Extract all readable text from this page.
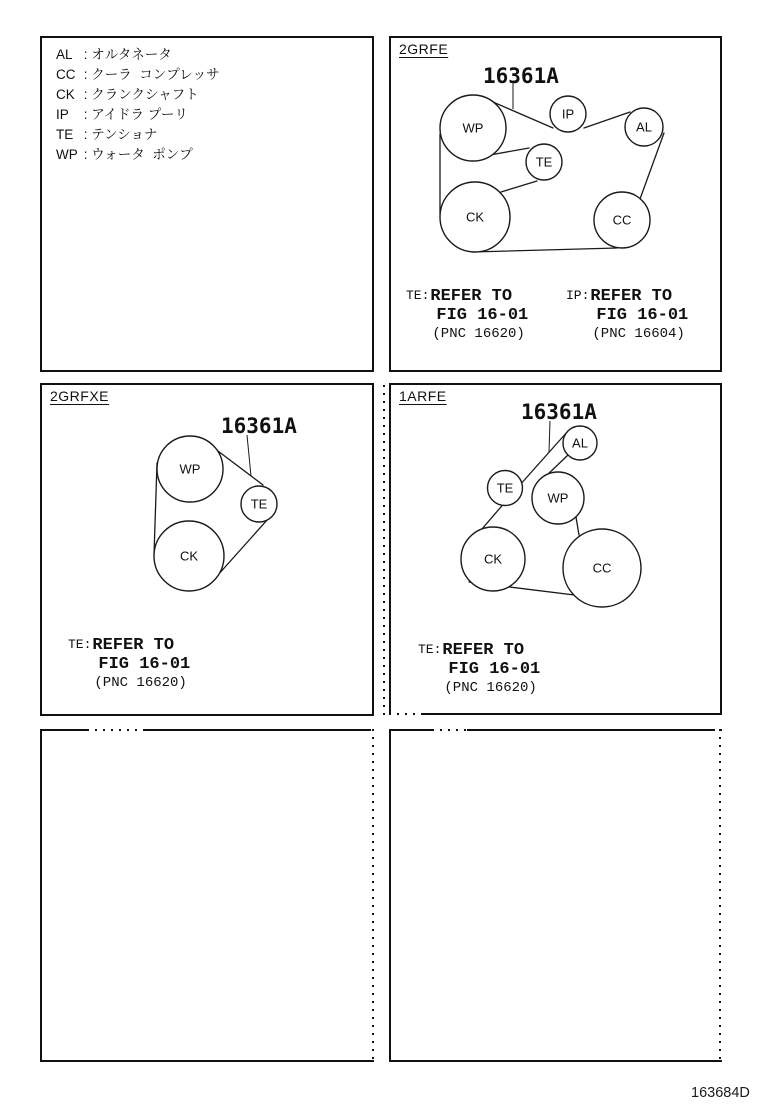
AL : オルタネータ
CC : クーラ  コンプレッサ
CK : クランクシャフト
IP : アイドラ プーリ
TE : テンショナ
WP : ウォータ  ポンプ
2GRFE
16361A
WP
IP
AL
TE
CK	CC
TE: REFER TO
FIG 16-01
(PNC 16620)
IP: REFER TO
FIG 16-01
(PNC 16604)
2GRFXE
16361A
WP
TE
CK
TE: REFER TO
FIG 16-01
(PNC 16620)
1ARFE
16361A
AL
TE
WP
CK
CC
TE: REFER TO
FIG 16-01
(PNC 16620)
163684D
